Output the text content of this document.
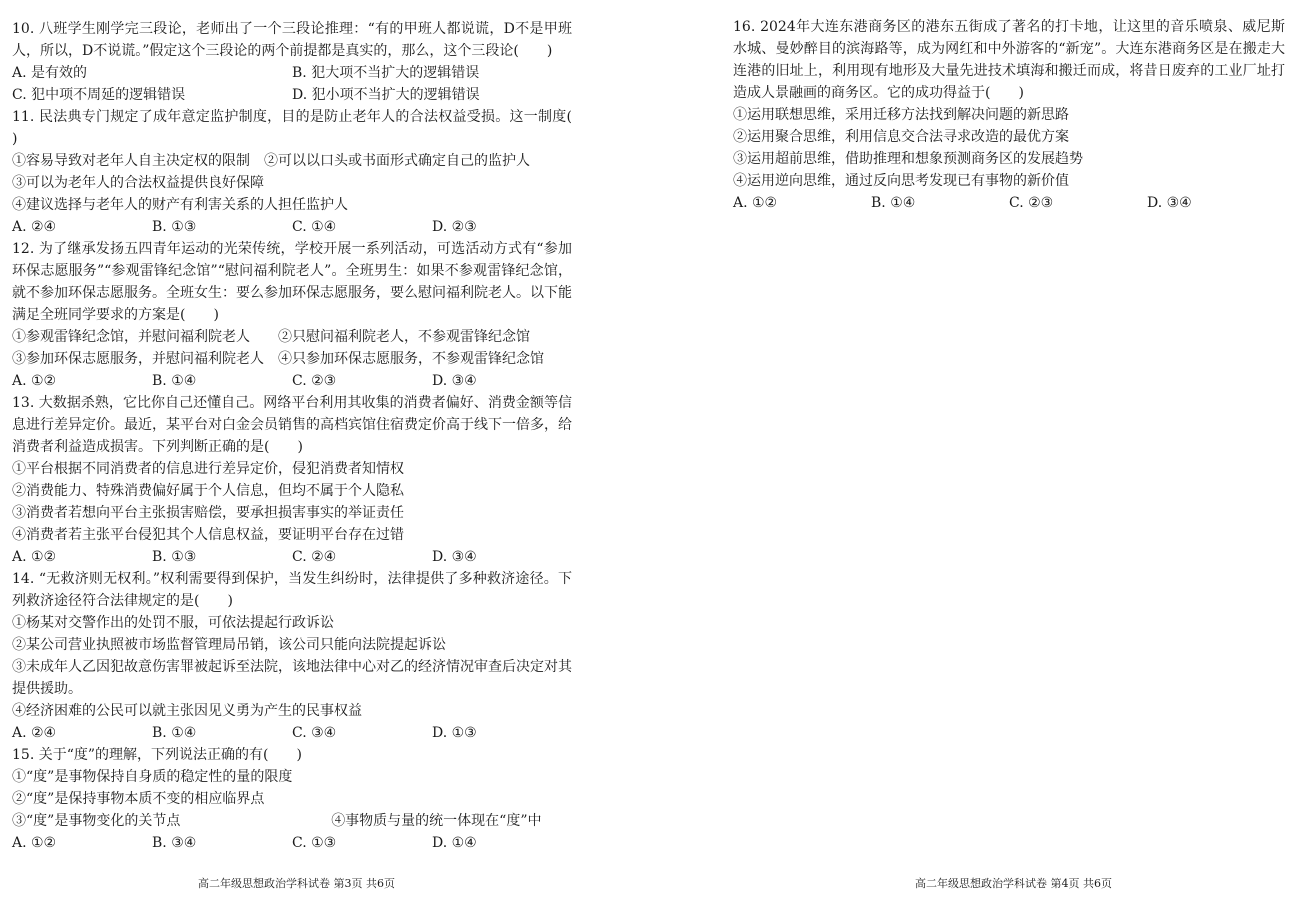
10. 八班学生刚学完三段论，老师出了一个三段论推理：“有的甲班人都说谎，D不是甲班人，所以，D不说谎。”假定这个三段论的两个前提都是真实的，那么，这个三段论(　　)

A. 是有效的	B. 犯大项不当扩大的逻辑错误
C. 犯中项不周延的逻辑错误	D. 犯小项不当扩大的逻辑错误

11. 民法典专门规定了成年意定监护制度，目的是防止老年人的合法权益受损。这一制度(　　)

①容易导致对老年人自主决定权的限制　②可以以口头或书面形式确定自己的监护人

③可以为老年人的合法权益提供良好保障

④建议选择与老年人的财产有利害关系的人担任监护人

A. ②④	B. ①③	C. ①④	D. ②③

12. 为了继承发扬五四青年运动的光荣传统，学校开展一系列活动，可选活动方式有“参加环保志愿服务”“参观雷锋纪念馆”“慰问福利院老人”。全班男生：如果不参观雷锋纪念馆，就不参加环保志愿服务。全班女生：要么参加环保志愿服务，要么慰问福利院老人。以下能满足全班同学要求的方案是(　　)

①参观雷锋纪念馆，并慰问福利院老人　　②只慰问福利院老人，不参观雷锋纪念馆

③参加环保志愿服务，并慰问福利院老人　④只参加环保志愿服务，不参观雷锋纪念馆

A. ①②	B. ①④	C. ②③	D. ③④

13. 大数据杀熟，它比你自己还懂自己。网络平台利用其收集的消费者偏好、消费金额等信息进行差异定价。最近，某平台对白金会员销售的高档宾馆住宿费定价高于线下一倍多，给消费者利益造成损害。下列判断正确的是(　　)

①平台根据不同消费者的信息进行差异定价，侵犯消费者知情权

②消费能力、特殊消费偏好属于个人信息，但均不属于个人隐私

③消费者若想向平台主张损害赔偿，要承担损害事实的举证责任

④消费者若主张平台侵犯其个人信息权益，要证明平台存在过错

A. ①②	B. ①③	C. ②④	D. ③④

14. “无救济则无权利。”权利需要得到保护，当发生纠纷时，法律提供了多种救济途径。下列救济途径符合法律规定的是(　　)

①杨某对交警作出的处罚不服，可依法提起行政诉讼

②某公司营业执照被市场监督管理局吊销，该公司只能向法院提起诉讼

③未成年人乙因犯故意伤害罪被起诉至法院，该地法律中心对乙的经济情况审查后决定对其提供援助。

④经济困难的公民可以就主张因见义勇为产生的民事权益

A. ②④	B. ①④	C. ③④	D. ①③

15. 关于“度”的理解，下列说法正确的有(　　)

①“度”是事物保持自身质的稳定性的量的限度

②“度”是保持事物本质不变的相应临界点

③“度”是事物变化的关节点	④事物质与量的统一体现在“度”中
A. ①②	B. ③④	C. ①③	D. ①④
高二年级思想政治学科试卷 第3页 共6页

16. 2024年大连东港商务区的港东五街成了著名的打卡地，让这里的音乐喷泉、威尼斯水城、曼妙醉目的滨海路等，成为网红和中外游客的“新宠”。大连东港商务区是在搬走大连港的旧址上，利用现有地形及大量先进技术填海和搬迁而成，将昔日废弃的工业厂址打造成人景融画的商务区。它的成功得益于(　　)

①运用联想思维，采用迁移方法找到解决问题的新思路

②运用聚合思维，利用信息交合法寻求改造的最优方案

③运用超前思维，借助推理和想象预测商务区的发展趋势

④运用逆向思维，通过反向思考发现已有事物的新价值

A. ①②	B. ①④	C. ②③	D. ③④
高二年级思想政治学科试卷 第4页 共6页
